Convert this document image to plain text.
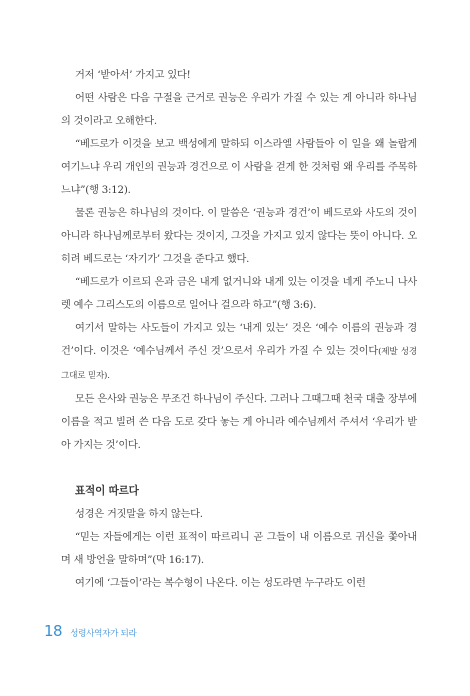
거저 ‘받아서’ 가지고 있다!

어떤 사람은 다음 구절을 근거로 권능은 우리가 가질 수 있는 게 아니라 하나님의 것이라고 오해한다.

“베드로가 이것을 보고 백성에게 말하되 이스라엘 사람들아 이 일을 왜 놀랍게 여기느냐 우리 개인의 권능과 경건으로 이 사람을 걷게 한 것처럼 왜 우리를 주목하느냐”(행 3:12).

물론 권능은 하나님의 것이다. 이 말씀은 ‘권능과 경건’이 베드로와 사도의 것이 아니라 하나님께로부터 왔다는 것이지, 그것을 가지고 있지 않다는 뜻이 아니다. 오히려 베드로는 ‘자기가’ 그것을 준다고 했다.

“베드로가 이르되 은과 금은 내게 없거니와 내게 있는 이것을 네게 주노니 나사렛 예수 그리스도의 이름으로 일어나 걸으라 하고”(행 3:6).

여기서 말하는 사도들이 가지고 있는 ‘내게 있는’ 것은 ‘예수 이름의 권능과 경건’이다. 이것은 ‘예수님께서 주신 것’으로서 우리가 가질 수 있는 것이다(제발 성경 그대로 믿자).

모든 은사와 권능은 무조건 하나님이 주신다. 그러나 그때그때 천국 대출 장부에 이름을 적고 빌려 쓴 다음 도로 갖다 놓는 게 아니라 예수님께서 주셔서 ‘우리가 받아 가지는 것’이다.

표적이 따르다

성경은 거짓말을 하지 않는다.

“믿는 자들에게는 이런 표적이 따르리니 곧 그들이 내 이름으로 귀신을 쫓아내며 새 방언을 말하며”(막 16:17).

여기에 ‘그들이’라는 복수형이 나온다. 이는 성도라면 누구라도 이런

18 성령사역자가 되라
